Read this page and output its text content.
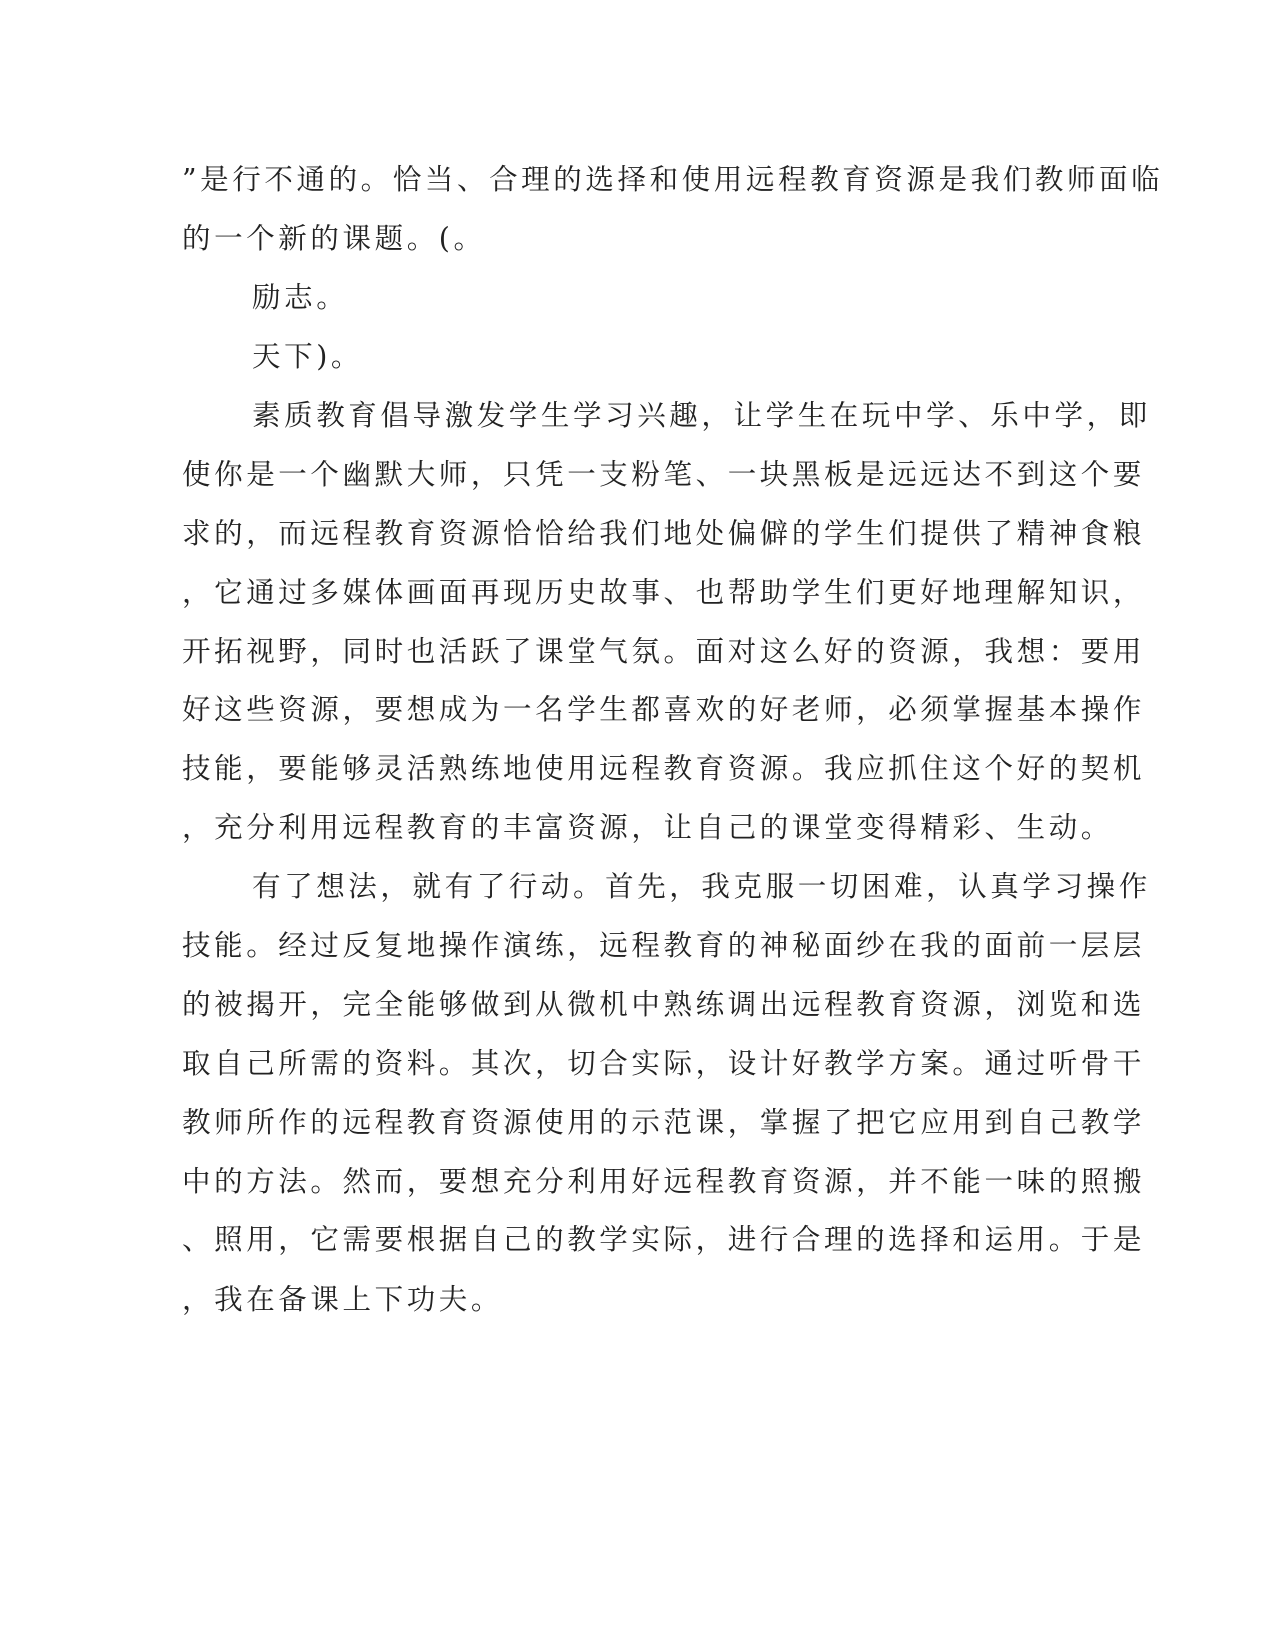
”是行不通的。恰当、合理的选择和使用远程教育资源是我们教师面临
的一个新的课题。(。
励志。
天下)。
素质教育倡导激发学生学习兴趣，让学生在玩中学、乐中学，即
使你是一个幽默大师，只凭一支粉笔、一块黑板是远远达不到这个要
求的，而远程教育资源恰恰给我们地处偏僻的学生们提供了精神食粮
，它通过多媒体画面再现历史故事、也帮助学生们更好地理解知识，
开拓视野，同时也活跃了课堂气氛。面对这么好的资源，我想：要用
好这些资源，要想成为一名学生都喜欢的好老师，必须掌握基本操作
技能，要能够灵活熟练地使用远程教育资源。我应抓住这个好的契机
，充分利用远程教育的丰富资源，让自己的课堂变得精彩、生动。
有了想法，就有了行动。首先，我克服一切困难，认真学习操作
技能。经过反复地操作演练，远程教育的神秘面纱在我的面前一层层
的被揭开，完全能够做到从微机中熟练调出远程教育资源，浏览和选
取自己所需的资料。其次，切合实际，设计好教学方案。通过听骨干
教师所作的远程教育资源使用的示范课，掌握了把它应用到自己教学
中的方法。然而，要想充分利用好远程教育资源，并不能一味的照搬
、照用，它需要根据自己的教学实际，进行合理的选择和运用。于是
，我在备课上下功夫。
